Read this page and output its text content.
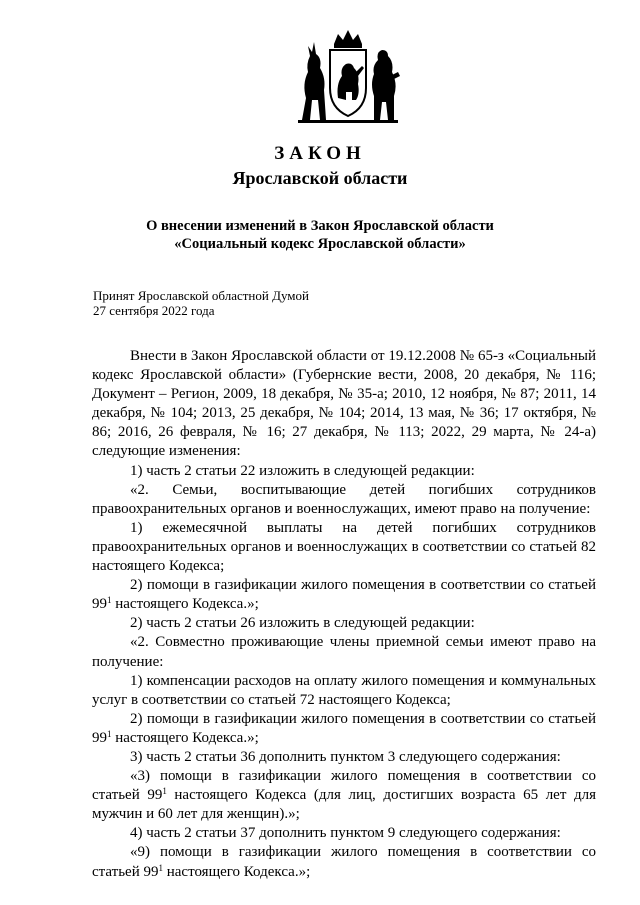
ЗАКОН
Ярославской области
О внесении изменений в Закон Ярославской области
«Социальный кодекс Ярославской области»
Принят Ярославской областной Думой
27 сентября 2022 года

Внести в Закон Ярославской области от 19.12.2008 № 65-з «Социальный кодекс Ярославской области» (Губернские вести, 2008, 20 декабря, № 116; Документ – Регион, 2009, 18 декабря, № 35-а; 2010, 12 ноября, № 87; 2011, 14 декабря, № 104; 2013, 25 декабря, № 104; 2014, 13 мая, № 36; 17 октября, № 86; 2016, 26 февраля, № 16; 27 декабря, № 113; 2022, 29 марта, № 24-а) следующие изменения:

1) часть 2 статьи 22 изложить в следующей редакции:

«2. Семьи, воспитывающие детей погибших сотрудников правоохранительных органов и военнослужащих, имеют право на получение:

1) ежемесячной выплаты на детей погибших сотрудников правоохранительных органов и военнослужащих в соответствии со статьей 82 настоящего Кодекса;

2) помощи в газификации жилого помещения в соответствии со статьей $99^1$ настоящего Кодекса.»;

2) часть 2 статьи 26 изложить в следующей редакции:

«2. Совместно проживающие члены приемной семьи имеют право на получение:

1) компенсации расходов на оплату жилого помещения и коммунальных услуг в соответствии со статьей 72 настоящего Кодекса;

2) помощи в газификации жилого помещения в соответствии со статьей $99^1$ настоящего Кодекса.»;

3) часть 2 статьи 36 дополнить пунктом 3 следующего содержания:

«3) помощи в газификации жилого помещения в соответствии со статьей $99^1$ настоящего Кодекса (для лиц, достигших возраста 65 лет для мужчин и 60 лет для женщин).»;

4) часть 2 статьи 37 дополнить пунктом 9 следующего содержания:

«9) помощи в газификации жилого помещения в соответствии со статьей $99^1$ настоящего Кодекса.»;
